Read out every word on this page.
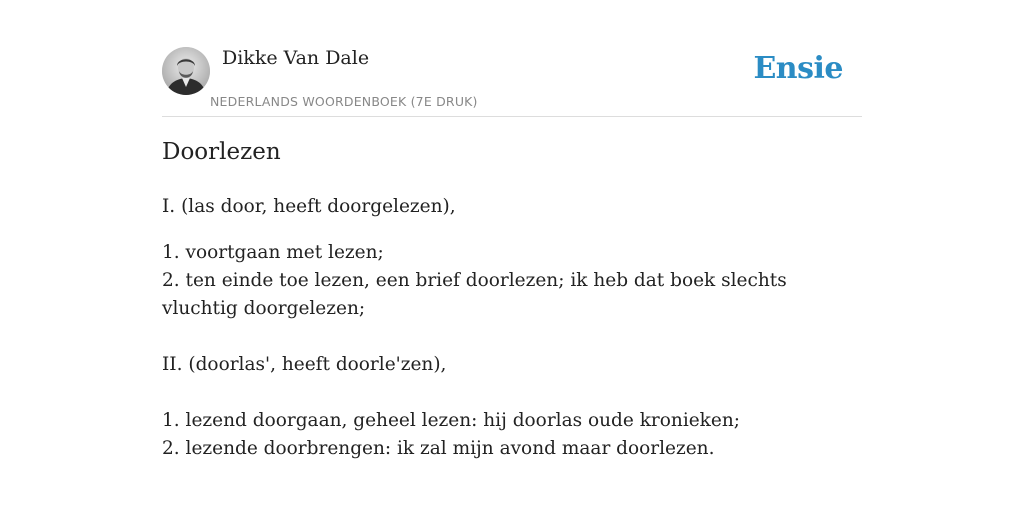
Dikke Van Dale
NEDERLANDS WOORDENBOEK (7E DRUK)
Ensie
Doorlezen

I. (las door, heeft doorgelezen),

1. voortgaan met lezen;

2. ten einde toe lezen, een brief doorlezen; ik heb dat boek slechts vluchtig doorgelezen;

II. (doorlas', heeft doorle'zen),

1. lezend doorgaan, geheel lezen: hij doorlas oude kronieken;

2. lezende doorbrengen: ik zal mijn avond maar doorlezen.
